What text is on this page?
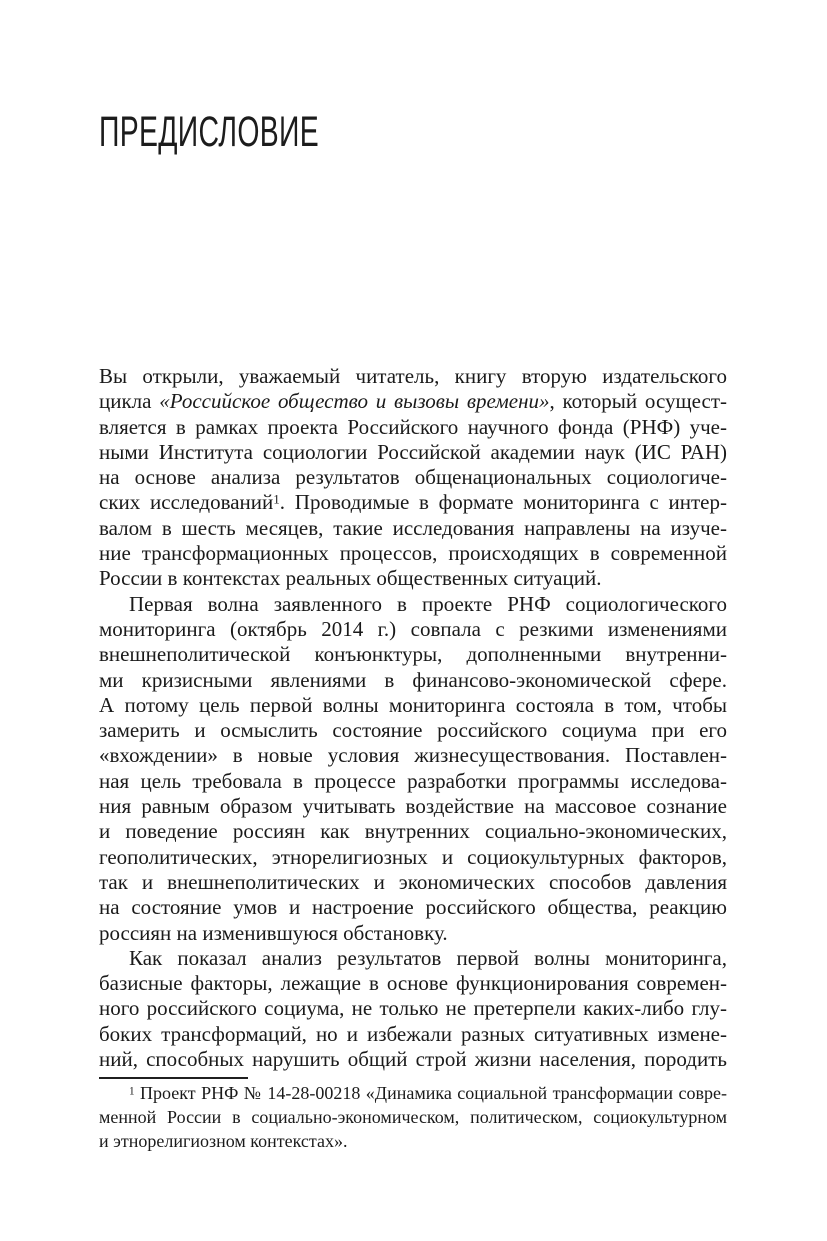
ПРЕДИСЛОВИЕ
Вы открыли, уважаемый читатель, книгу вторую издательского
цикла «Российское общество и вызовы времени», который осущест-
вляется в рамках проекта Российского научного фонда (РНФ) уче-
ными Института социологии Российской академии наук (ИС РАН)
на основе анализа результатов общенациональных социологиче-
ских исследований$^1$. Проводимые в формате мониторинга с интер-
валом в шесть месяцев, такие исследования направлены на изуче-
ние трансформационных процессов, происходящих в современной
России в контекстах реальных общественных ситуаций.
Первая волна заявленного в проекте РНФ социологического
мониторинга (октябрь 2014 г.) совпала с резкими изменениями
внешнеполитической конъюнктуры, дополненными внутренни-
ми кризисными явлениями в финансово-экономической сфере.
А потому цель первой волны мониторинга состояла в том, чтобы
замерить и осмыслить состояние российского социума при его
«вхождении» в новые условия жизнесуществования. Поставлен-
ная цель требовала в процессе разработки программы исследова-
ния равным образом учитывать воздействие на массовое сознание
и поведение россиян как внутренних социально-экономических,
геополитических, этнорелигиозных и социокультурных факторов,
так и внешнеполитических и экономических способов давления
на состояние умов и настроение российского общества, реакцию
россиян на изменившуюся обстановку.
Как показал анализ результатов первой волны мониторинга,
базисные факторы, лежащие в основе функционирования современ-
ного российского социума, не только не претерпели каких-либо глу-
боких трансформаций, но и избежали разных ситуативных измене-
ний, способных нарушить общий строй жизни населения, породить
$^1$ Проект РНФ № 14-28-00218 «Динамика социальной трансформации совре-
менной России в социально-экономическом, политическом, социокультурном
и этнорелигиозном контекстах».
